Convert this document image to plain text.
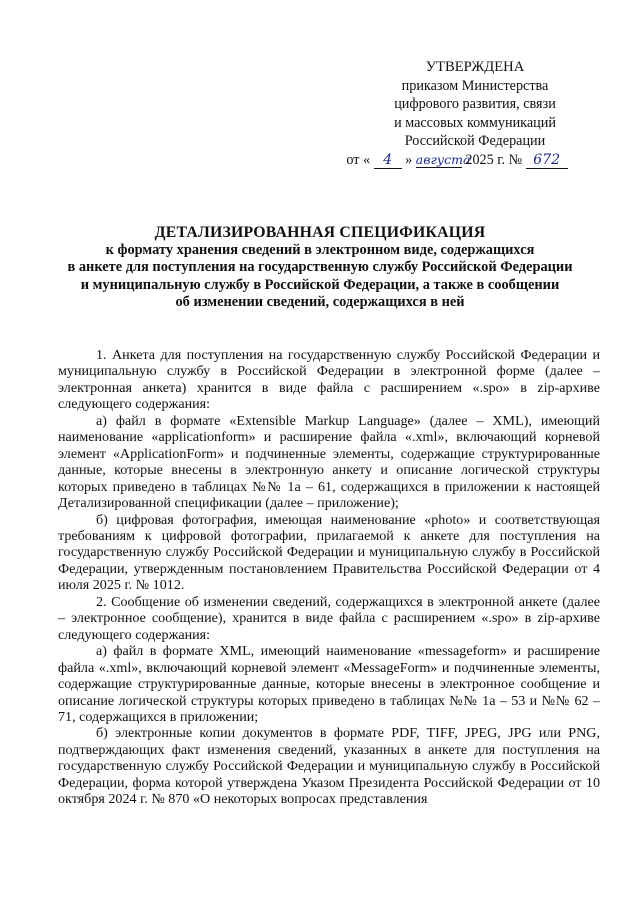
УТВЕРЖДЕНА
приказом Министерства
цифрового развития, связи
и массовых коммуникаций
Российской Федерации
от « 4 » августа 2025 г. № 672
ДЕТАЛИЗИРОВАННАЯ СПЕЦИФИКАЦИЯ
к формату хранения сведений в электронном виде, содержащихся
в анкете для поступления на государственную службу Российской Федерации
и муниципальную службу в Российской Федерации, а также в сообщении
об изменении сведений, содержащихся в ней

1. Анкета для поступления на государственную службу Российской Федерации и муниципальную службу в Российской Федерации в электронной форме (далее – электронная анкета) хранится в виде файла с расширением «.spo» в zip-архиве следующего содержания:

а) файл в формате «Extensible Markup Language» (далее – XML), имеющий наименование «applicationform» и расширение файла «.xml», включающий корневой элемент «ApplicationForm» и подчиненные элементы, содержащие структурированные данные, которые внесены в электронную анкету и описание логической структуры которых приведено в таблицах №№ 1а – 61, содержащихся в приложении к настоящей Детализированной спецификации (далее – приложение);

б) цифровая фотография, имеющая наименование «photo» и соответствующая требованиям к цифровой фотографии, прилагаемой к анкете для поступления на государственную службу Российской Федерации и муниципальную службу в Российской Федерации, утвержденным постановлением Правительства Российской Федерации от 4 июля 2025 г. № 1012.

2. Сообщение об изменении сведений, содержащихся в электронной анкете (далее – электронное сообщение), хранится в виде файла с расширением «.spo» в zip-архиве следующего содержания:

а) файл в формате XML, имеющий наименование «messageform» и расширение файла «.xml», включающий корневой элемент «MessageForm» и подчиненные элементы, содержащие структурированные данные, которые внесены в электронное сообщение и описание логической структуры которых приведено в таблицах №№ 1а – 53 и №№ 62 – 71, содержащихся в приложении;

б) электронные копии документов в формате PDF, TIFF, JPEG, JPG или PNG, подтверждающих факт изменения сведений, указанных в анкете для поступления на государственную службу Российской Федерации и муниципальную службу в Российской Федерации, форма которой утверждена Указом Президента Российской Федерации от 10 октября 2024 г. № 870 «О некоторых вопросах представления
